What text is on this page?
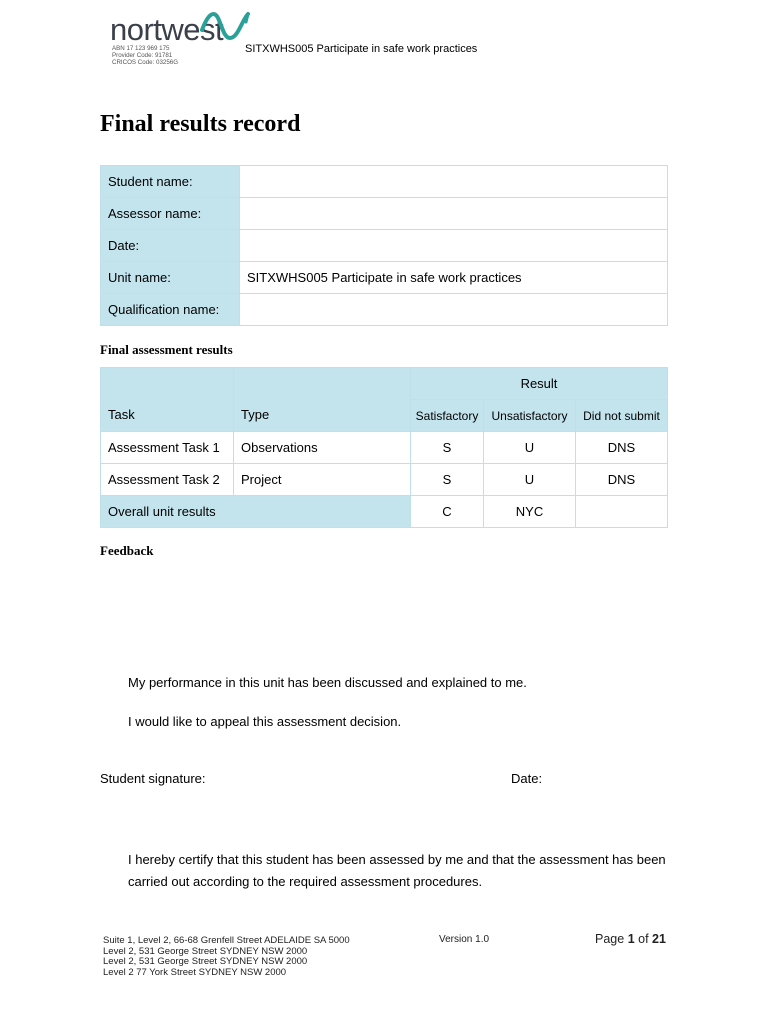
nortwest
ABN 17 123 969 175
Provider Code: 91781
CRICOS Code: 03256G
SITXWHS005 Participate in safe work practices
Final results record
Student name:	
Assessor name:	
Date:	
Unit name:	SITXWHS005 Participate in safe work practices
Qualification name:	
Final assessment results
Task	Type	Result		
		Satisfactory	Unsatisfactory	Did not submit
Assessment Task 1	Observations	S	U	DNS
Assessment Task 2	Project	S	U	DNS
Overall unit results		C	NYC	
Feedback
My performance in this unit has been discussed and explained to me.
I would like to appeal this assessment decision.
Student signature:	Date:
I hereby certify that this student has been assessed by me and that the assessment has been
carried out according to the required assessment procedures.
Suite 1, Level 2, 66-68 Grenfell Street ADELAIDE SA 5000
Level 2, 531 George Street SYDNEY NSW 2000
Level 2, 531 George Street SYDNEY NSW 2000
Level 2 77 York Street SYDNEY NSW 2000
Version 1.0	Page 1 of 21
